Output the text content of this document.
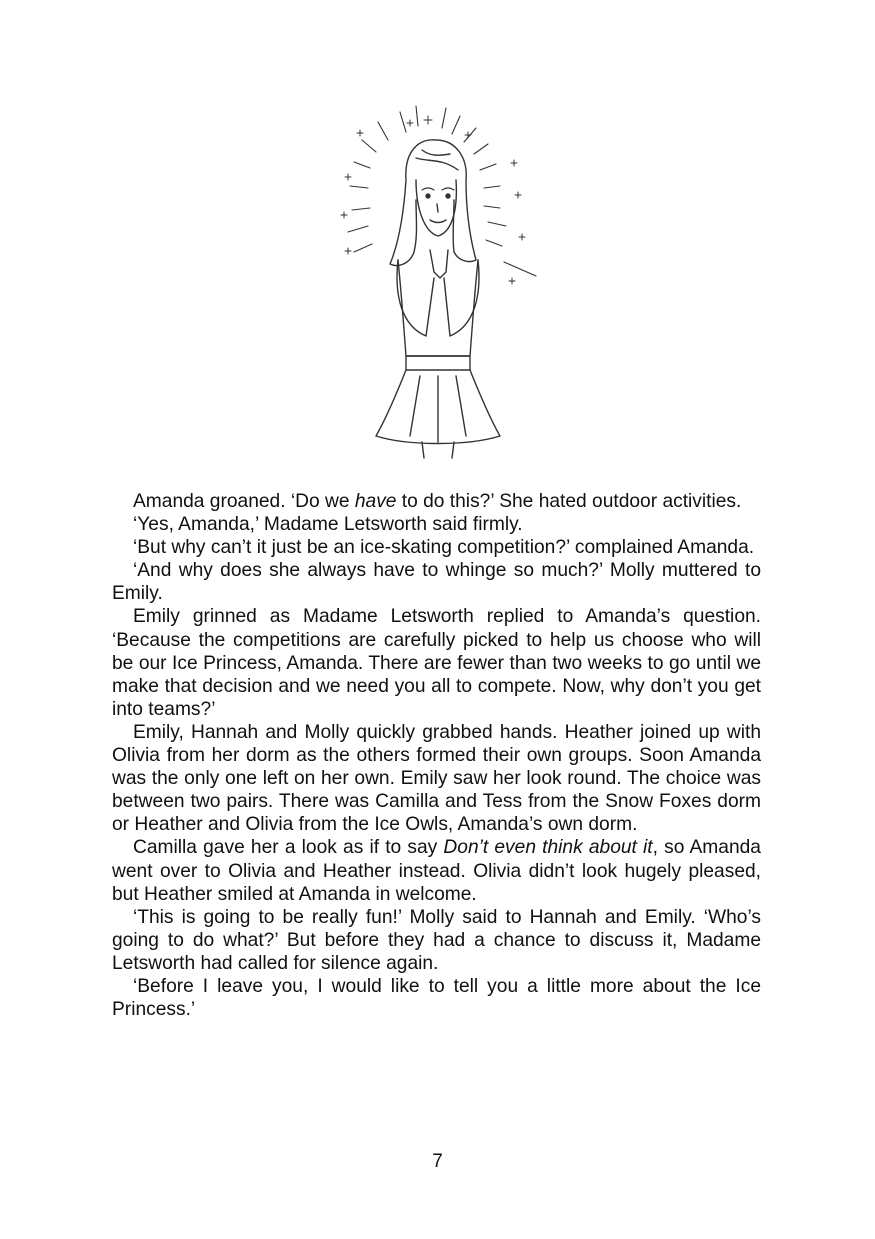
Amanda groaned. ‘Do we have to do this?’ She hated outdoor activities.

‘Yes, Amanda,’ Madame Letsworth said firmly.

‘But why can’t it just be an ice-skating competition?’ complained Amanda.

‘And why does she always have to whinge so much?’ Molly muttered to Emily.

Emily grinned as Madame Letsworth replied to Amanda’s question. ‘Because the competitions are carefully picked to help us choose who will be our Ice Princess, Amanda. There are fewer than two weeks to go until we make that decision and we need you all to compete. Now, why don’t you get into teams?’

Emily, Hannah and Molly quickly grabbed hands. Heather joined up with Olivia from her dorm as the others formed their own groups. Soon Amanda was the only one left on her own. Emily saw her look round. The choice was between two pairs. There was Camilla and Tess from the Snow Foxes dorm or Heather and Olivia from the Ice Owls, Amanda’s own dorm.

Camilla gave her a look as if to say Don’t even think about it, so Amanda went over to Olivia and Heather instead. Olivia didn’t look hugely pleased, but Heather smiled at Amanda in welcome.

‘This is going to be really fun!’ Molly said to Hannah and Emily. ‘Who’s going to do what?’ But before they had a chance to discuss it, Madame Letsworth had called for silence again.

‘Before I leave you, I would like to tell you a little more about the Ice Princess.’

7
